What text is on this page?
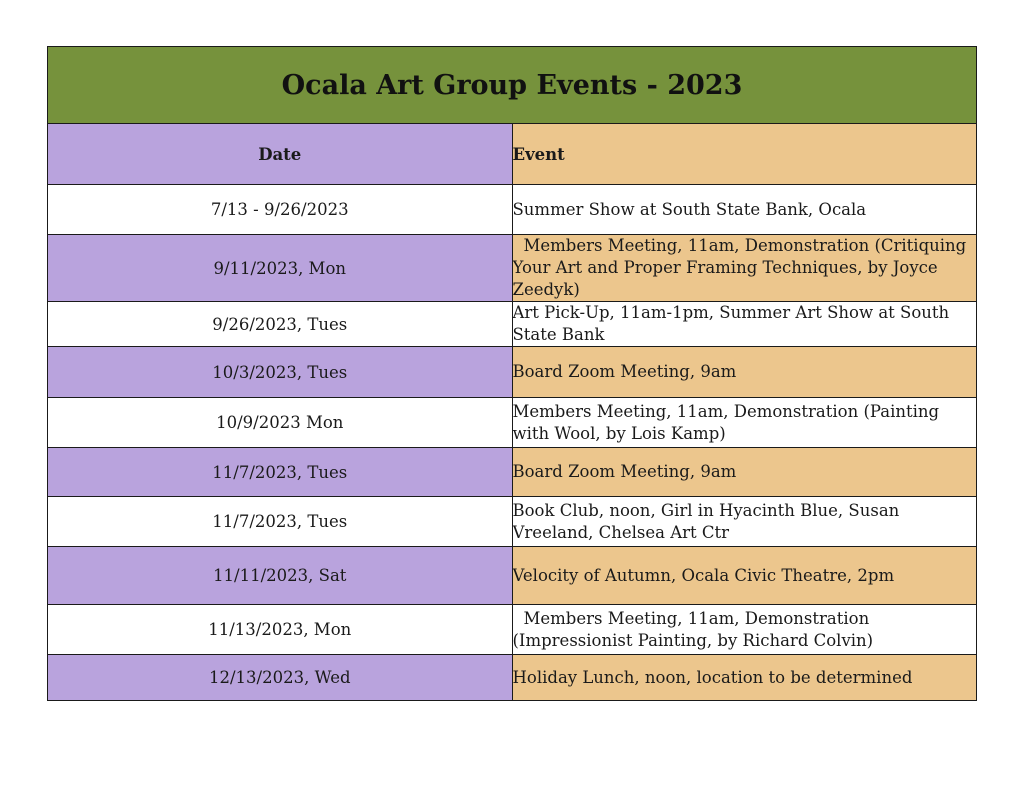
Ocala Art Group Events - 2023	
Date	Event
7/13 - 9/26/2023	Summer Show at South State Bank, Ocala
9/11/2023, Mon	Members Meeting, 11am, Demonstration (Critiquing Your Art and Proper Framing Techniques, by Joyce Zeedyk)
9/26/2023, Tues	Art Pick-Up, 11am-1pm, Summer Art Show at South State Bank
10/3/2023, Tues	Board Zoom Meeting, 9am
10/9/2023 Mon	Members Meeting, 11am, Demonstration (Painting with Wool, by Lois Kamp)
11/7/2023, Tues	Board Zoom Meeting, 9am
11/7/2023, Tues	Book Club, noon, Girl in Hyacinth Blue, Susan Vreeland, Chelsea Art Ctr
11/11/2023, Sat	Velocity of Autumn, Ocala Civic Theatre, 2pm
11/13/2023, Mon	Members Meeting, 11am, Demonstration (Impressionist Painting, by Richard Colvin)
12/13/2023, Wed	Holiday Lunch, noon, location to be determined
